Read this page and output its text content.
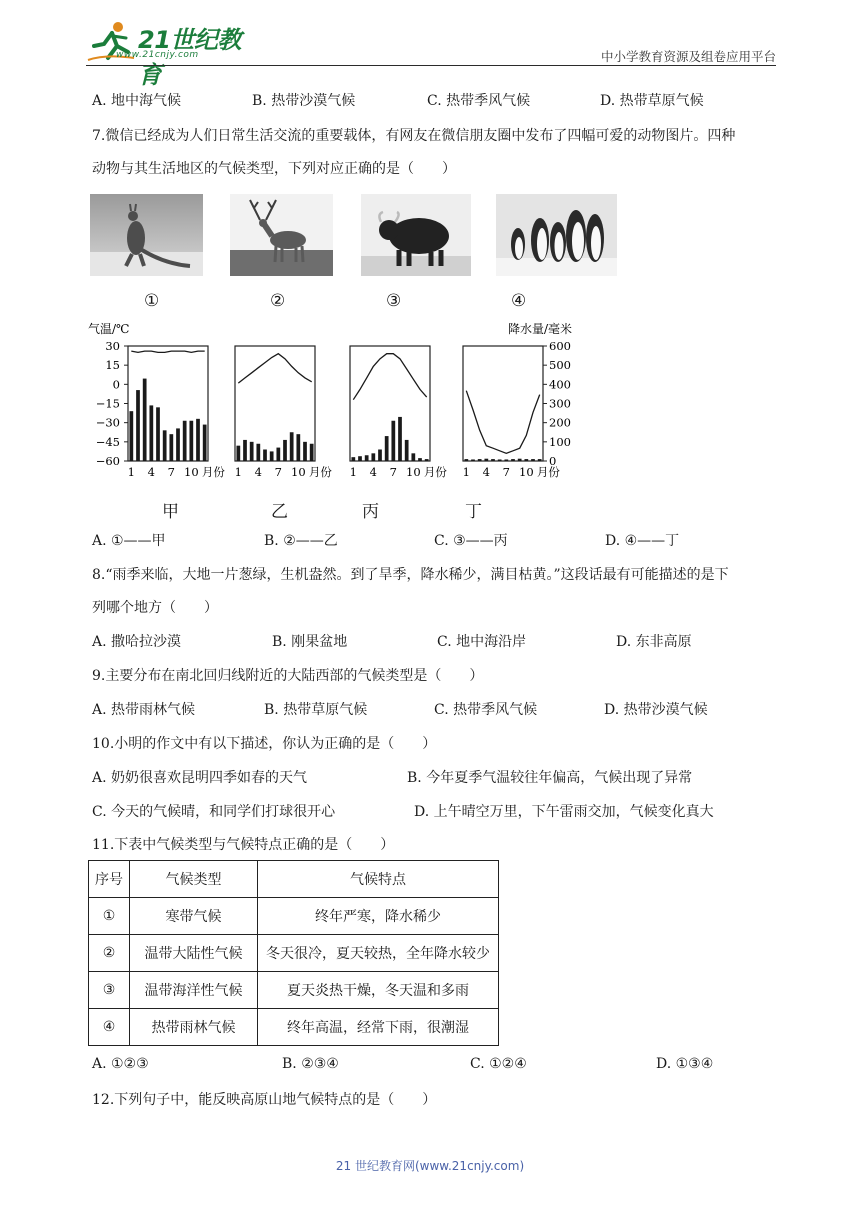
21世纪教育
www.21cnjy.com	中小学教育资源及组卷应用平台
A. 地中海气候	B. 热带沙漠气候	C. 热带季风气候	D. 热带草原气候
7.微信已经成为人们日常生活交流的重要载体，有网友在微信朋友圈中发布了四幅可爱的动物图片。四种
动物与其生活地区的气候类型，下列对应正确的是（　　）
①	②	③	④
气温/℃	降水量/毫米
30
15
0
−15
−30
−45
−60
600
500
400
300
200
100
0
1 4 7 10 月份 1 4 7 10 月份 1 4 7 10 月份 1 4 7 10 月份
甲	乙	丙	丁
A. ①——甲	B. ②——乙	C. ③——丙	D. ④——丁
8.“雨季来临，大地一片葱绿，生机盎然。到了旱季，降水稀少，满目枯黄。”这段话最有可能描述的是下
列哪个地方（　　）
A. 撒哈拉沙漠	B. 刚果盆地	C. 地中海沿岸	D. 东非高原
9.主要分布在南北回归线附近的大陆西部的气候类型是（　　）
A. 热带雨林气候	B. 热带草原气候	C. 热带季风气候	D. 热带沙漠气候
10.小明的作文中有以下描述，你认为正确的是（　　）
A. 奶奶很喜欢昆明四季如春的天气	B. 今年夏季气温较往年偏高，气候出现了异常
C. 今天的气候晴，和同学们打球很开心	D. 上午晴空万里，下午雷雨交加，气候变化真大
11.下表中气候类型与气候特点正确的是（　　）
序号	气候类型	气候特点
①	寒带气候	终年严寒，降水稀少
②	温带大陆性气候	冬天很冷，夏天较热，全年降水较少
③	温带海洋性气候	夏天炎热干燥，冬天温和多雨
④	热带雨林气候	终年高温，经常下雨，很潮湿
A. ①②③	B. ②③④	C. ①②④	D. ①③④
12.下列句子中，能反映高原山地气候特点的是（　　）
21 世纪教育网(www.21cnjy.com)
